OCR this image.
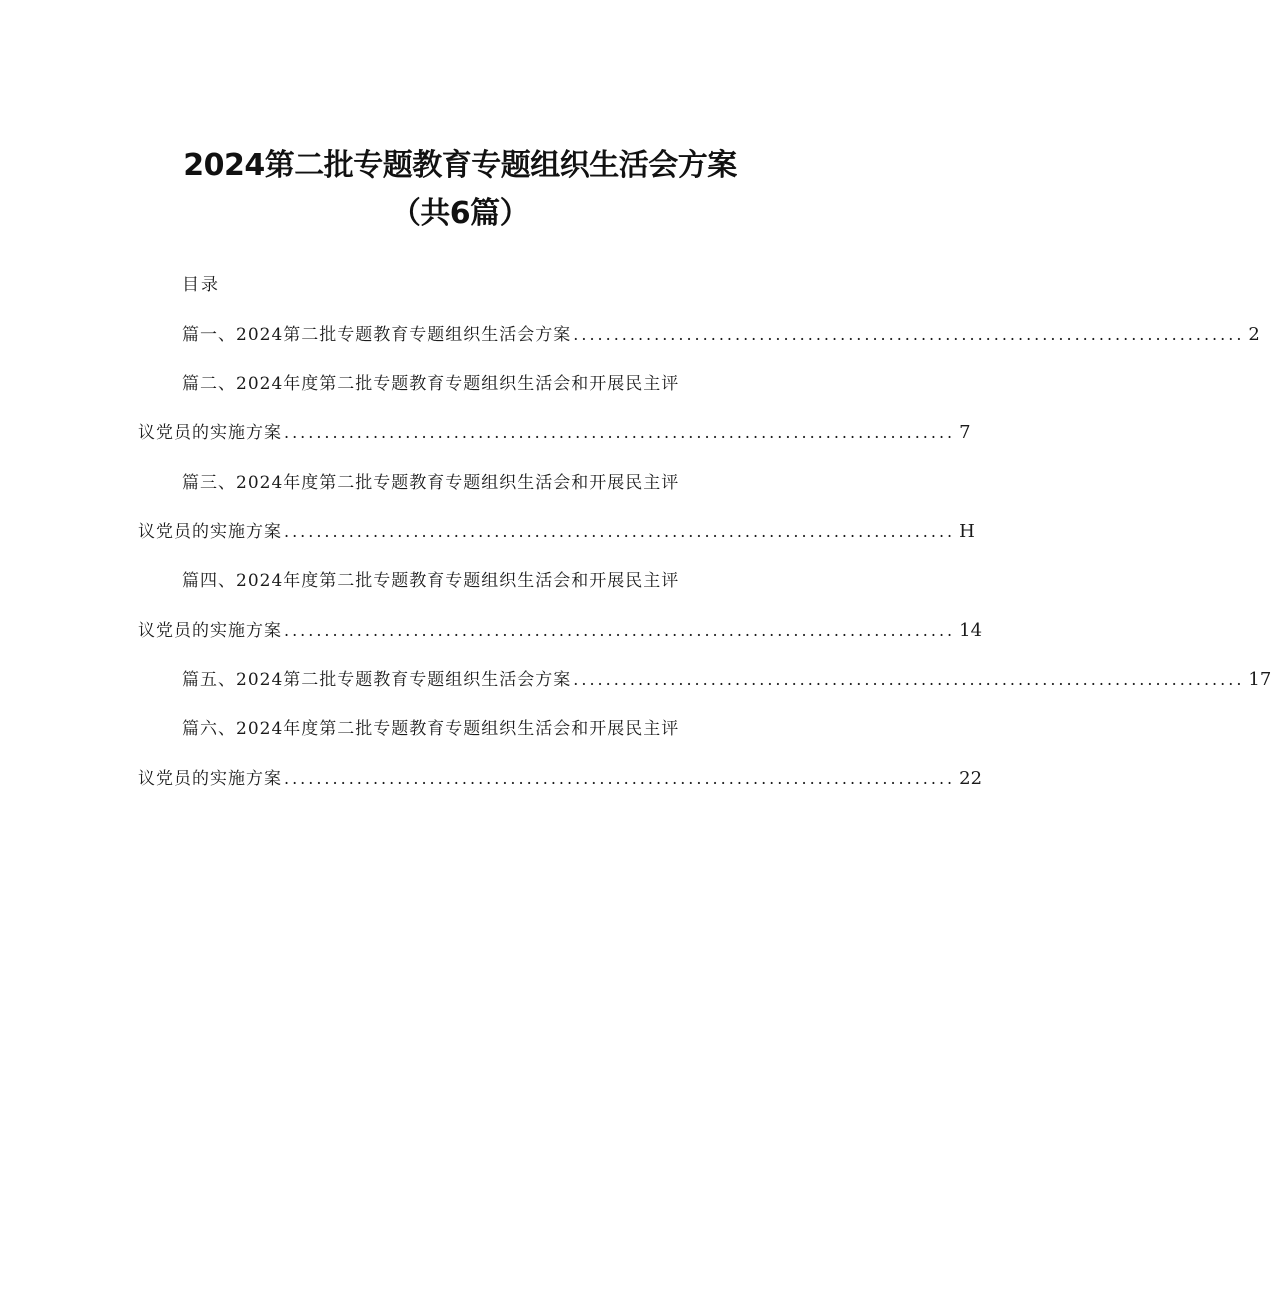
2024第二批专题教育专题组织生活会方案
（共6篇）
目录
篇一、2024第二批专题教育专题组织生活会方案 ................................................................................... 2
篇二、2024年度第二批专题教育专题组织生活会和开展民主评
议党员的实施方案 ................................................................................... 7
篇三、2024年度第二批专题教育专题组织生活会和开展民主评
议党员的实施方案 ................................................................................... H
篇四、2024年度第二批专题教育专题组织生活会和开展民主评
议党员的实施方案 ................................................................................... 14
篇五、2024第二批专题教育专题组织生活会方案 ................................................................................... 17
篇六、2024年度第二批专题教育专题组织生活会和开展民主评
议党员的实施方案 ................................................................................... 22
